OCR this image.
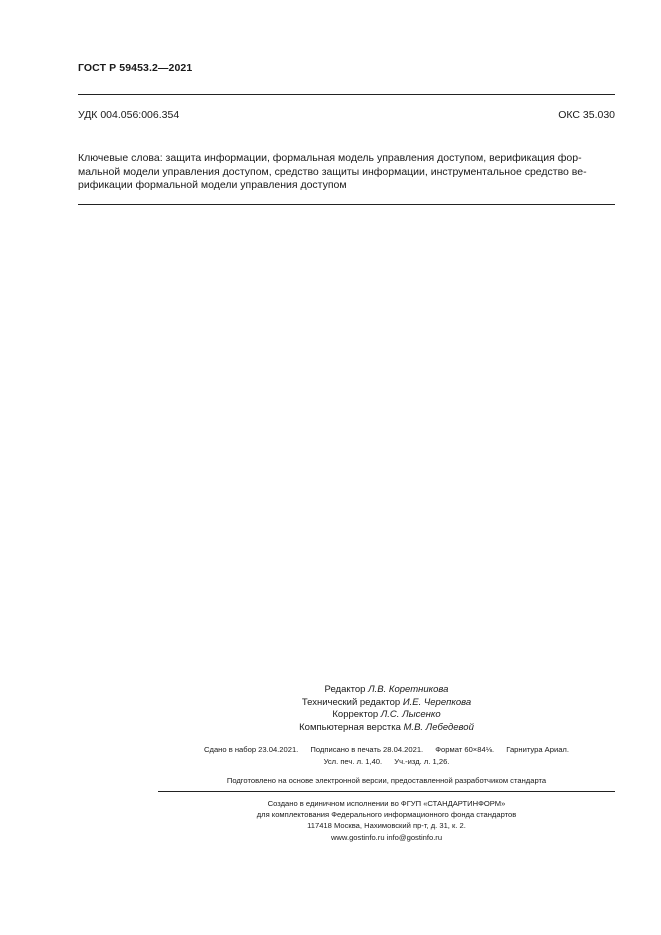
ГОСТ Р 59453.2—2021
УДК 004.056:006.354	ОКС 35.030
Ключевые слова: защита информации, формальная модель управления доступом, верификация фор-
мальной модели управления доступом, средство защиты информации, инструментальное средство ве-
рификации формальной модели управления доступом
Редактор Л.В. Коретникова
Технический редактор И.Е. Черепкова
Корректор Л.С. Лысенко
Компьютерная верстка М.В. Лебедевой
Сдано в набор 23.04.2021. Подписано в печать 28.04.2021. Формат 60×84⅛. Гарнитура Ариал.
Усл. печ. л. 1,40. Уч.-изд. л. 1,26.
Подготовлено на основе электронной версии, предоставленной разработчиком стандарта
Создано в единичном исполнении во ФГУП «СТАНДАРТИНФОРМ»
для комплектования Федерального информационного фонда стандартов
117418 Москва, Нахимовский пр-т, д. 31, к. 2.
www.gostinfo.ru info@gostinfo.ru
